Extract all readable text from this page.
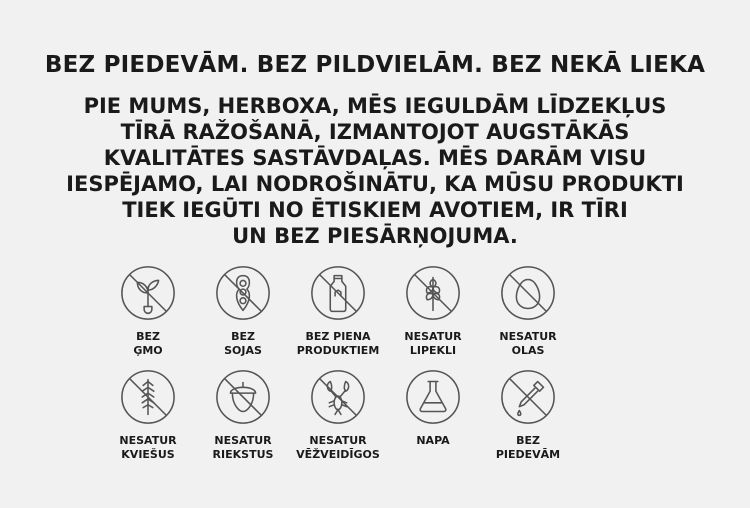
BEZ PIEDEVĀM. BEZ PILDVIELĀM. BEZ NEKĀ LIEKA
PIE MUMS, HERBOXA, MĒS IEGULDĀM LĪDZEKĻUS
TĪRĀ RAŽOŠANĀ, IZMANTOJOT AUGSTĀKĀS
KVALITĀTES SASTĀVDAĻAS. MĒS DARĀM VISU
IESPĒJAMO, LAI NODROŠINĀTU, KA MŪSU PRODUKTI
TIEK IEGŪTI NO ĒTISKIEM AVOTIEM, IR TĪRI
UN BEZ PIESĀRŅOJUMA.
BEZ
ĢMO
BEZ
SOJAS
BEZ PIENA
PRODUKTIEM
NESATUR
LIPEKLI
NESATUR
OLAS
NESATUR
KVIEŠUS
NESATUR
RIEKSTUS
NESATUR
VĒŽVEIDĪGOS
NAPA	BEZ
PIEDEVĀM
